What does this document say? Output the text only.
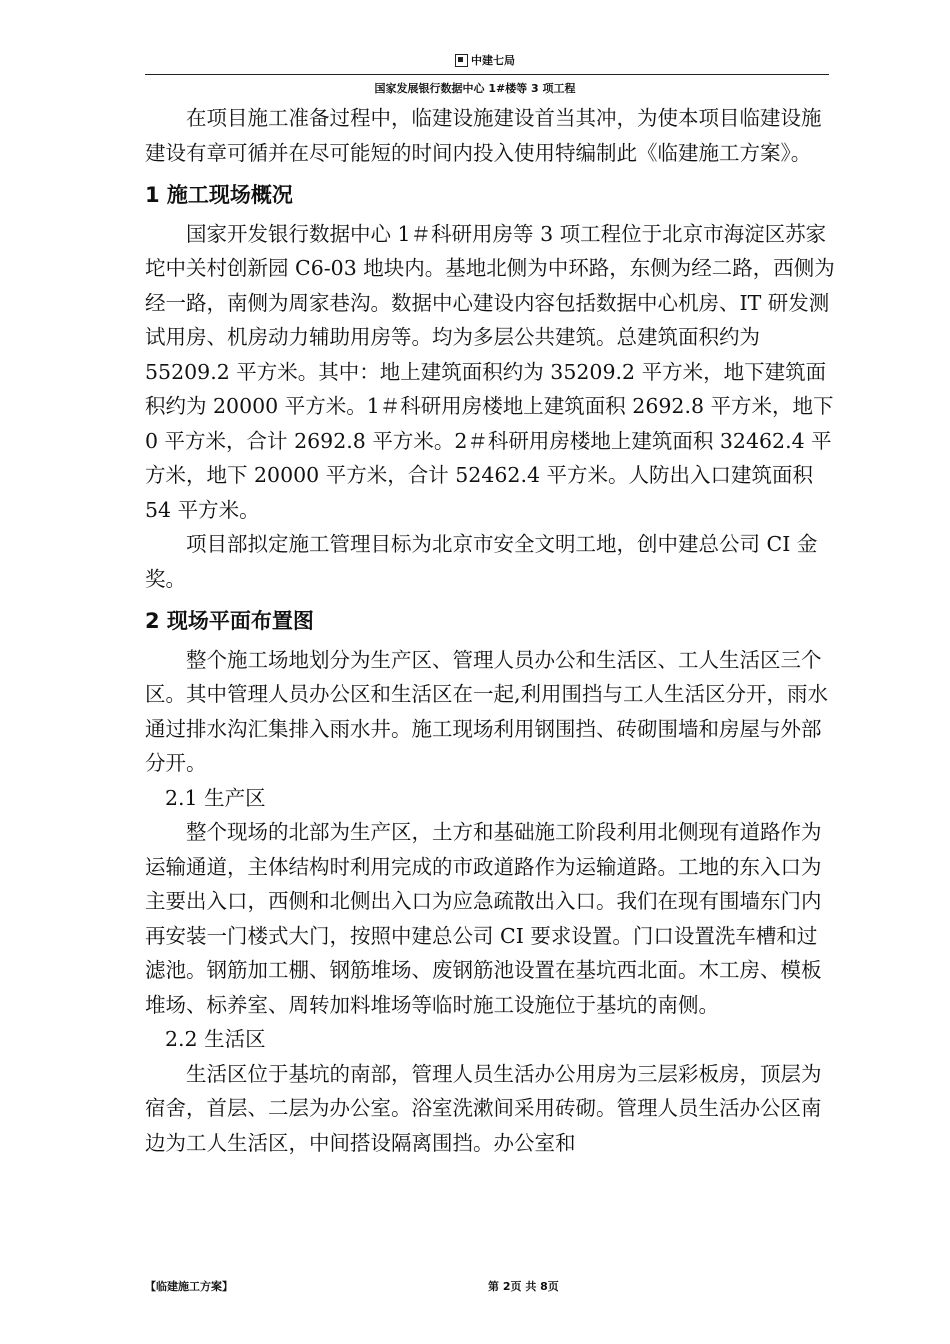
中建七局
国家发展银行数据中心 1#楼等 3 项工程

在项目施工准备过程中，临建设施建设首当其冲，为使本项目临建设施建设有章可循并在尽可能短的时间内投入使用特编制此《临建施工方案》。

1 施工现场概况

国家开发银行数据中心 1＃科研用房等 3 项工程位于北京市海淀区苏家坨中关村创新园 C6-03 地块内。基地北侧为中环路，东侧为经二路，西侧为经一路，南侧为周家巷沟。数据中心建设内容包括数据中心机房、IT 研发测试用房、机房动力辅助用房等。均为多层公共建筑。总建筑面积约为 55209.2 平方米。其中：地上建筑面积约为 35209.2 平方米，地下建筑面积约为 20000 平方米。1＃科研用房楼地上建筑面积 2692.8 平方米，地下 0 平方米，合计 2692.8 平方米。2＃科研用房楼地上建筑面积 32462.4 平方米，地下 20000 平方米，合计 52462.4 平方米。人防出入口建筑面积 54 平方米。

项目部拟定施工管理目标为北京市安全文明工地，创中建总公司 CI 金奖。

2 现场平面布置图

整个施工场地划分为生产区、管理人员办公和生活区、工人生活区三个区。其中管理人员办公区和生活区在一起,利用围挡与工人生活区分开，雨水通过排水沟汇集排入雨水井。施工现场利用钢围挡、砖砌围墙和房屋与外部分开。

2.1 生产区

整个现场的北部为生产区，土方和基础施工阶段利用北侧现有道路作为运输通道，主体结构时利用完成的市政道路作为运输道路。工地的东入口为主要出入口，西侧和北侧出入口为应急疏散出入口。我们在现有围墙东门内再安装一门楼式大门，按照中建总公司 CI 要求设置。门口设置洗车槽和过滤池。钢筋加工棚、钢筋堆场、废钢筋池设置在基坑西北面。木工房、模板堆场、标养室、周转加料堆场等临时施工设施位于基坑的南侧。

2.2 生活区

生活区位于基坑的南部，管理人员生活办公用房为三层彩板房，顶层为宿舍，首层、二层为办公室。浴室洗漱间采用砖砌。管理人员生活办公区南边为工人生活区，中间搭设隔离围挡。办公室和

【临建施工方案】	第 2页 共 8页
